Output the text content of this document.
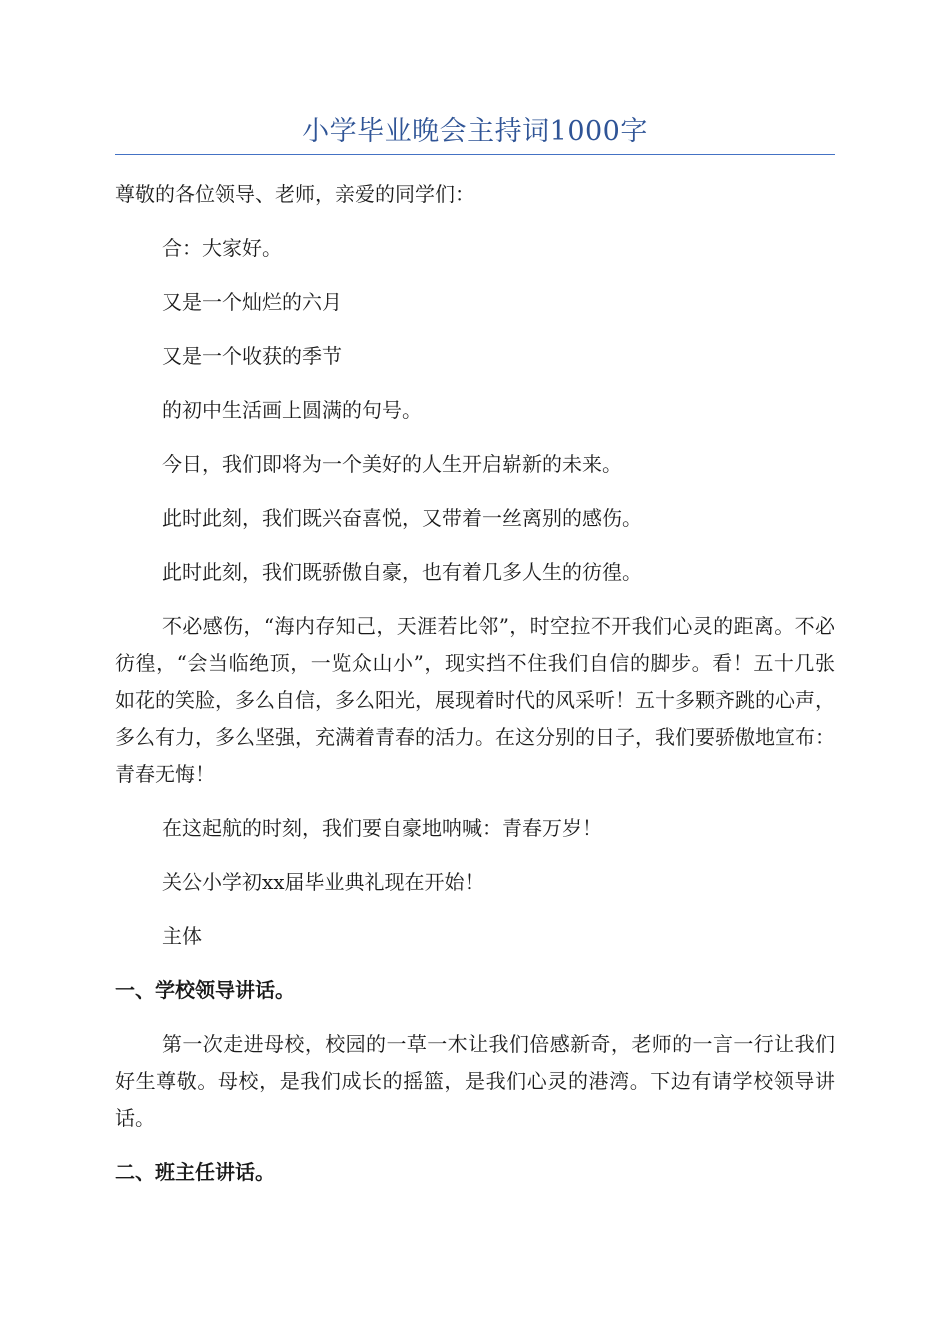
小学毕业晚会主持词1000字

尊敬的各位领导、老师，亲爱的同学们：

合：大家好。

又是一个灿烂的六月

又是一个收获的季节

的初中生活画上圆满的句号。

今日，我们即将为一个美好的人生开启崭新的未来。

此时此刻，我们既兴奋喜悦，又带着一丝离别的感伤。

此时此刻，我们既骄傲自豪，也有着几多人生的彷徨。

不必感伤，“海内存知己，天涯若比邻”，时空拉不开我们心灵的距离。不必彷徨，“会当临绝顶，一览众山小”，现实挡不住我们自信的脚步。看！五十几张如花的笑脸，多么自信，多么阳光，展现着时代的风采听！五十多颗齐跳的心声，多么有力，多么坚强，充满着青春的活力。在这分别的日子，我们要骄傲地宣布：青春无悔！

在这起航的时刻，我们要自豪地呐喊：青春万岁！

关公小学初xx届毕业典礼现在开始！

主体

一、学校领导讲话。

第一次走进母校，校园的一草一木让我们倍感新奇，老师的一言一行让我们好生尊敬。母校，是我们成长的摇篮，是我们心灵的港湾。下边有请学校领导讲话。

二、班主任讲话。
